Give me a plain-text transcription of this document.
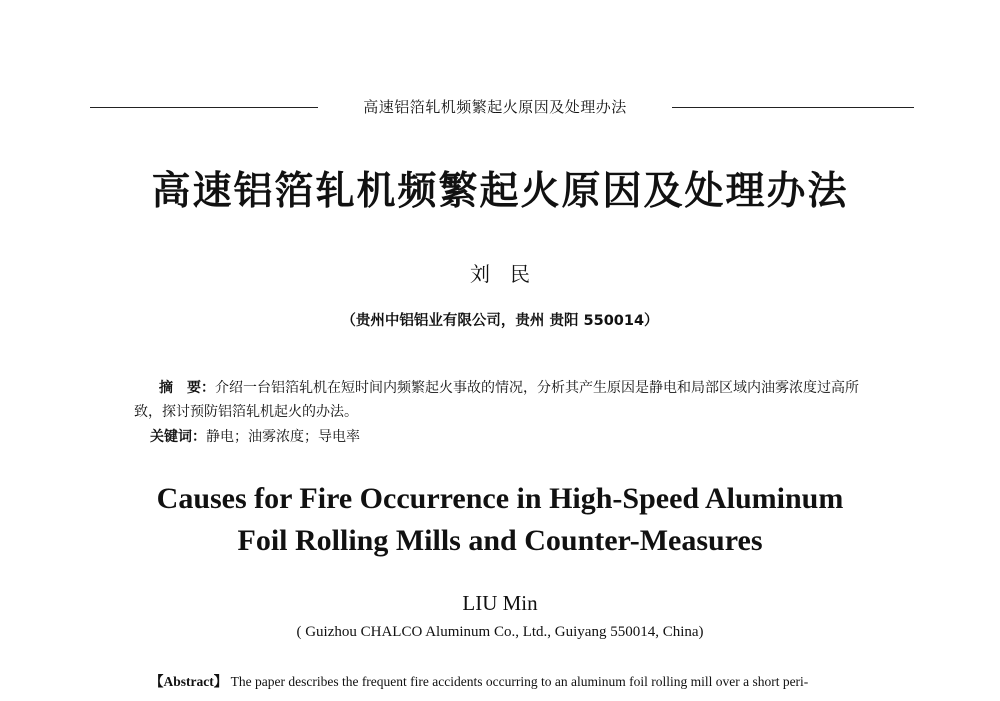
高速铝箔轧机频繁起火原因及处理办法
高速铝箔轧机频繁起火原因及处理办法
刘　民
（贵州中铝铝业有限公司，贵州 贵阳 550014）
摘　要：介绍一台铝箔轧机在短时间内频繁起火事故的情况，分析其产生原因是静电和局部区域内油雾浓度过高所致，探讨预防铝箔轧机起火的办法。
关键词：静电；油雾浓度；导电率
Causes for Fire Occurrence in High-Speed Aluminum
Foil Rolling Mills and Counter-Measures
LIU Min
( Guizhou CHALCO Aluminum Co., Ltd., Guiyang 550014, China)
【Abstract】 The paper describes the frequent fire accidents occurring to an aluminum foil rolling mill over a short peri-
